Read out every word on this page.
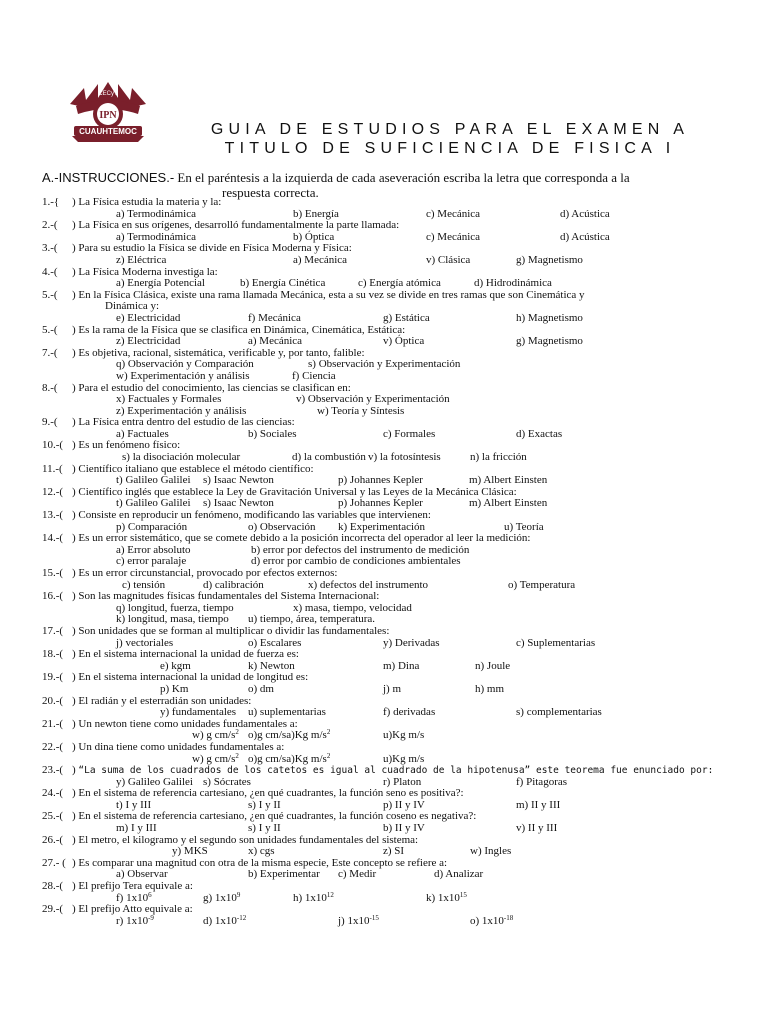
IPN
CECyT
CUAUHTEMOC	GUIA DE ESTUDIOS PARA EL EXAMEN A
TITULO DE SUFICIENCIA DE FISICA I
A.-INSTRUCCIONES.- En el paréntesis a la izquierda de cada aseveración escriba la letra que corresponda a la
respuesta correcta.
1.-{ ) La Física estudia la materia y la:
a) Termodinámica	b) Energía	c) Mecánica	d) Acústica
2.-( ) La Física en sus orígenes, desarrolló fundamentalmente la parte llamada:
a) Termodinámica	b) Óptica	c) Mecánica	d) Acústica
3.-( ) Para su estudio la Física se divide en Física Moderna y Física:
z) Eléctrica	a) Mecánica	v) Clásica	g) Magnetismo
4.-( ) La Física Moderna investiga la:
a) Energía Potencial	b) Energía Cinética	c) Energía atómica	d) Hidrodinámica
5.-( ) En la Física Clásica, existe una rama llamada Mecánica, esta a su vez se divide en tres ramas que son Cinemática y
Dinámica y:
e) Electricidad	f) Mecánica	g) Estática	h) Magnetismo
5.-( ) Es la rama de la Física que se clasifica en Dinámica, Cinemática, Estática:
z) Electricidad	a) Mecánica	v) Óptica	g) Magnetismo
7.-( ) Es objetiva, racional, sistemática, verificable y, por tanto, falible:
q) Observación y Comparación	s) Observación y Experimentación
w) Experimentación y análisis	f) Ciencia
8.-( ) Para el estudio del conocimiento, las ciencias se clasifican en:
x) Factuales y Formales	v) Observación y Experimentación
z) Experimentación y análisis	w) Teoría y Síntesis
9.-( ) La Física entra dentro del estudio de las ciencias:
a) Factuales	b) Sociales	c) Formales	d) Exactas
10.-( ) Es un fenómeno físico:
s) la disociación molecular	d) la combustión v) la fotosíntesis	n) la fricción
11.-( ) Científico italiano que establece el método científico:
t) Galileo Galilei s) Isaac Newton	p) Johannes Kepler	m) Albert Einsten
12.-( ) Científico inglés que establece la Ley de Gravitación Universal y las Leyes de la Mecánica Clásica:
t) Galileo Galilei s) Isaac Newton	p) Johannes Kepler	m) Albert Einsten
13.-( ) Consiste en reproducir un fenómeno, modificando las variables que intervienen:
p) Comparación	o) Observación k) Experimentación	u) Teoría
14.-( ) Es un error sistemático, que se comete debido a la posición incorrecta del operador al leer la medición:
a) Error absoluto	b) error por defectos del instrumento de medición
c) error paralaje	d) error por cambio de condiciones ambientales
15.-( ) Es un error circunstancial, provocado por efectos externos:
c) tensión	d) calibración	x) defectos del instrumento	o) Temperatura
16.-( ) Son las magnitudes físicas fundamentales del Sistema Internacional:
q) longitud, fuerza, tiempo	x) masa, tiempo, velocidad
k) longitud, masa, tiempo u) tiempo, área, temperatura.
17.-( ) Son unidades que se forman al multiplicar o dividir las fundamentales:
j) vectoriales	o) Escalares	y) Derivadas	c) Suplementarias
18.-( ) En el sistema internacional la unidad de fuerza es:
e) kgm	k) Newton	m) Dina	n) Joule
19.-( ) En el sistema internacional la unidad de longitud es:
p) Km	o) dm	j) m	h) mm
20.-( ) El radián y el esterradián son unidades:
y) fundamentales u) suplementarias	f) derivadas	s) complementarias
21.-( ) Un newton tiene como unidades fundamentales a:
w) g $cm/s^2$ o)g cm/sa)Kg $m/s^2$	u)Kg m/s
22.-( ) Un dina tiene como unidades fundamentales a:
w) g $cm/s^2$ o)g cm/sa)Kg $m/s^2$	u)Kg m/s
23.-( ) “La suma de los cuadrados de los catetos es igual al cuadrado de la hipotenusa” este teorema fue enunciado por:
y) Galileo Galilei s) Sócrates	r) Platon	f) Pitagoras
24.-( ) En el sistema de referencia cartesiano, ¿en qué cuadrantes, la función seno es positiva?:
t) I y III	s) I y II	p) II y IV	m) II y III
25.-( ) En el sistema de referencia cartesiano, ¿en qué cuadrantes, la función coseno es negativa?:
m) I y III	s) I y II	b) II y IV	v) II y III
26.-( ) El metro, el kilogramo y el segundo son unidades fundamentales del sistema:
y) MKS	x) cgs	z) SI	w) Ingles
27.- ( ) Es comparar una magnitud con otra de la misma especie, Este concepto se refiere a:
a) Observar	b) Experimentar c) Medir	d) Analizar
28.-( ) El prefijo Tera equivale a:
f) $1x10^6$	g) $1x10^9$	h) $1x10^{12}$	k) $1x10^{15}$
29.-( ) El prefijo Atto equivale a:
r) $1x10^{-9}$	d) $1x10^{-12}$	j) $1x10^{-15}$	o) $1x10^{-18}$
